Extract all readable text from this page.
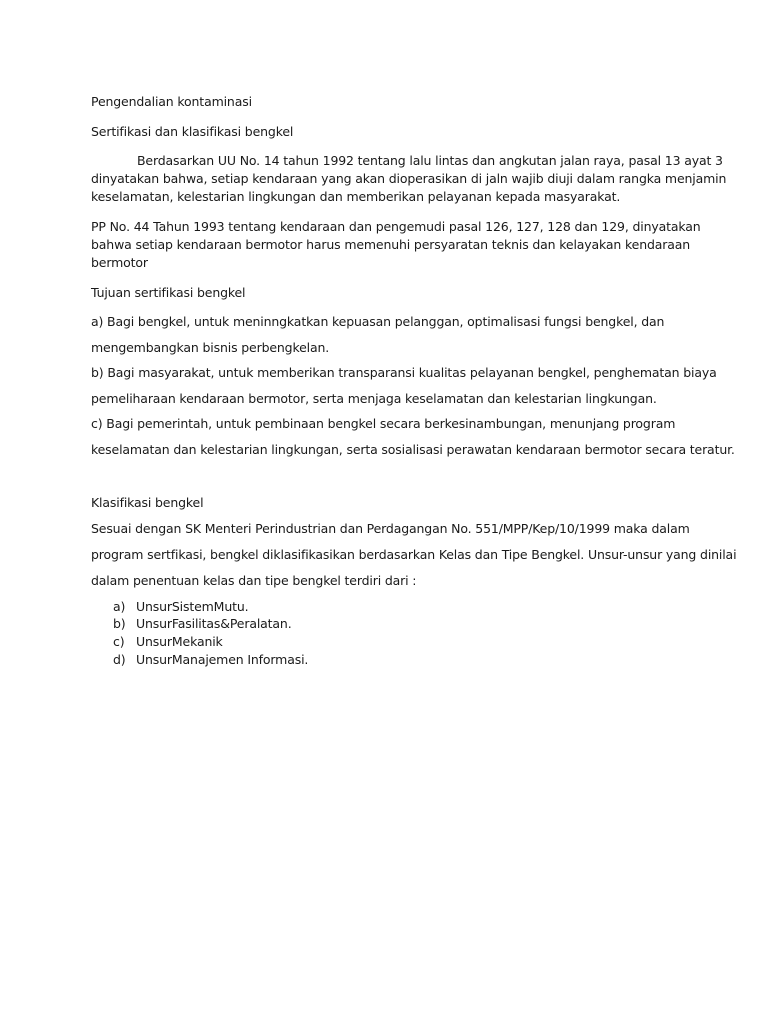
Pengendalian kontaminasi
Sertifikasi dan klasifikasi bengkel
Berdasarkan UU No. 14 tahun 1992 tentang lalu lintas dan angkutan jalan raya, pasal 13 ayat 3
dinyatakan bahwa, setiap kendaraan yang akan dioperasikan di jaln wajib diuji dalam rangka menjamin
keselamatan, kelestarian lingkungan dan memberikan pelayanan kepada masyarakat.
PP No. 44 Tahun 1993 tentang kendaraan dan pengemudi pasal 126, 127, 128 dan 129, dinyatakan
bahwa setiap kendaraan bermotor harus memenuhi persyaratan teknis dan kelayakan kendaraan
bermotor
Tujuan sertifikasi bengkel
a) Bagi bengkel, untuk meninngkatkan kepuasan pelanggan, optimalisasi fungsi bengkel, dan
mengembangkan bisnis perbengkelan.
b) Bagi masyarakat, untuk memberikan transparansi kualitas pelayanan bengkel, penghematan biaya
pemeliharaan kendaraan bermotor, serta menjaga keselamatan dan kelestarian lingkungan.
c) Bagi pemerintah, untuk pembinaan bengkel secara berkesinambungan, menunjang program
keselamatan dan kelestarian lingkungan, serta sosialisasi perawatan kendaraan bermotor secara teratur.
Klasifikasi bengkel
Sesuai dengan SK Menteri Perindustrian dan Perdagangan No. 551/MPP/Kep/10/1999 maka dalam
program sertfikasi, bengkel diklasifikasikan berdasarkan Kelas dan Tipe Bengkel. Unsur-unsur yang dinilai
dalam penentuan kelas dan tipe bengkel terdiri dari :
a) UnsurSistemMutu.
b) UnsurFasilitas&Peralatan.
c) UnsurMekanik
d) UnsurManajemen Informasi.
